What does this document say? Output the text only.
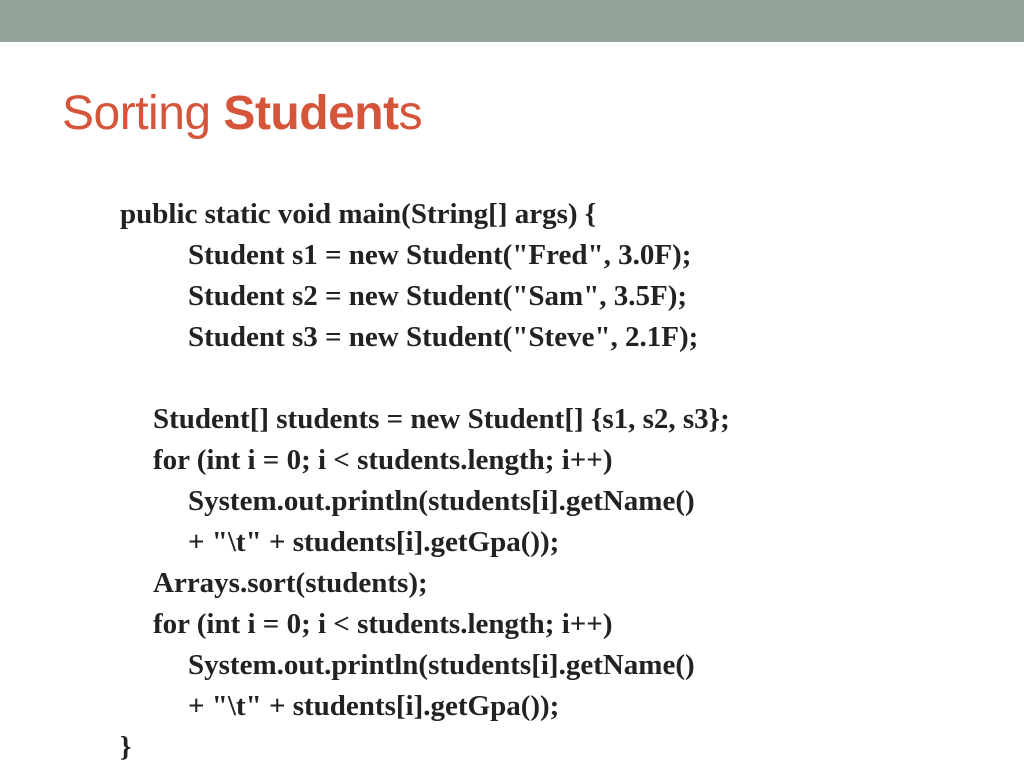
Sorting Students
public static void main(String[] args) {
Student s1 = new Student("Fred", 3.0F);
Student s2 = new Student("Sam", 3.5F);
Student s3 = new Student("Steve", 2.1F);
Student[] students = new Student[] {s1, s2, s3};
for (int i = 0; i < students.length; i++)
System.out.println(students[i].getName()
+ "\t" + students[i].getGpa());
Arrays.sort(students);
for (int i = 0; i < students.length; i++)
System.out.println(students[i].getName()
+ "\t" + students[i].getGpa());
}
